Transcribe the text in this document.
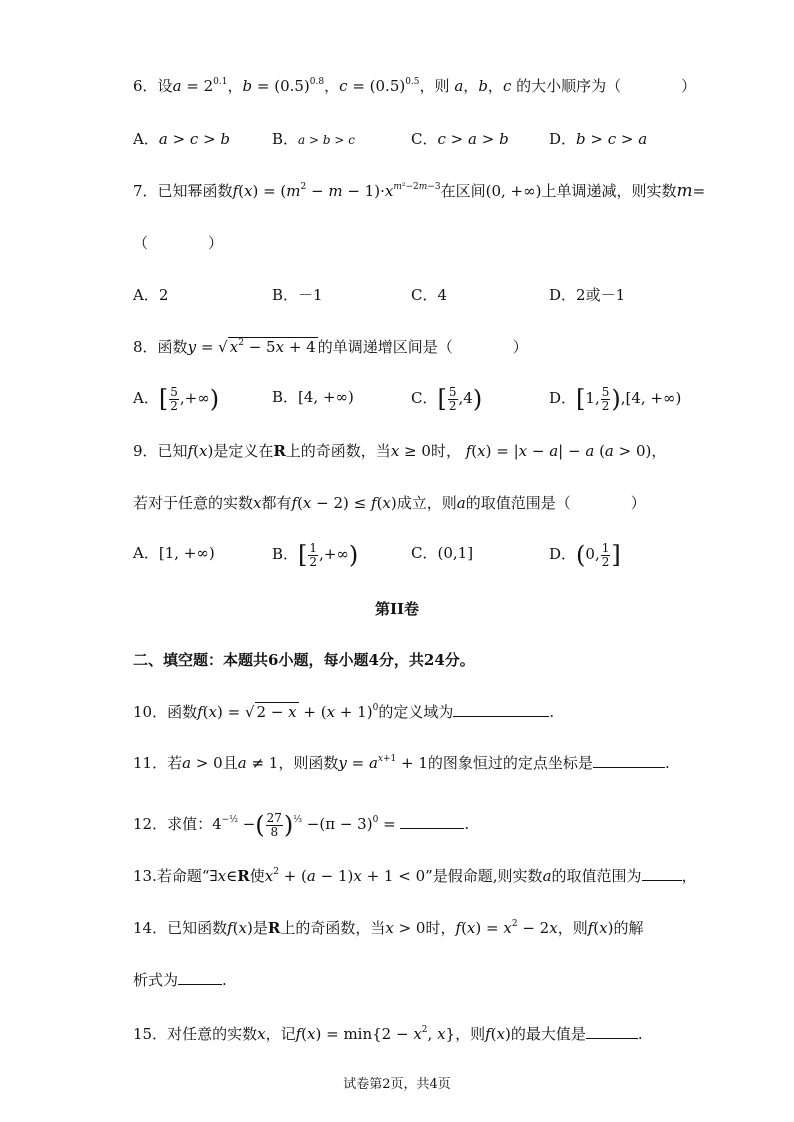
6．设$a = 2^{0.1}$，$b = (0.5)^{0.8}$，$c = (0.5)^{0.5}$，则 a，b，c 的大小顺序为（　　　　）
A．a > c > b	B．a > b > c	C．c > a > b	D．b > c > a
7．已知幂函数$f(x) = (m^2 - m - 1)\cdot x^{m^2-2m-3}$在区间(0, +∞)上单调递减，则实数m=
（　　　　）
A．2	B．－1	C．4	D．2或－1
8．函数y = √ $x^2 - 5x + 4$ 的单调递增区间是（　　　　）
A．[ $\frac{5}{2}$ ,+∞)	B．[4, +∞)	C．[ $\frac{5}{2} ,4$)	D．[1, $\frac{5}{2} ),[4$, +∞)
9．已知f(x)是定义在R上的奇函数，当x ≥ 0时， f(x) = |x − a| − a (a > 0)，
若对于任意的实数x都有f(x − 2) ≤ f(x)成立，则a的取值范围是（　　　　）
A．[1, +∞)	B．[ $\frac{1}{2}$ ,+∞)	C．(0,1]	D．(0, $\frac{1}{2}$ ]
第II卷
二、填空题：本题共6小题，每小题4分，共24分。
10．函数f(x) = √ $2 - x + (x + 1)^0$的定义域为	.
11．若a > 0且a ≠ 1，则函数$y = a^{x+1} + 1$的图象恒过的定点坐标是	.
12．求值：$4^{-\frac{1}{2}}$ −( $\frac{27}{8} )^{\frac{1}{3}} -(\pi - 3)^0$ =	.
13.若命题“∃x∈R使$x^2 + (a - 1)x + 1 < 0$”是假命题,则实数a的取值范围为	，
14．已知函数f(x)是R上的奇函数，当x > 0时，$f(x) = x^2 - 2x$，则f(x)的解
析式为	.
15．对任意的实数x，记$f(x) = \min\{2 - x^2$, x}，则f(x)的最大值是	.
试卷第2页，共4页
